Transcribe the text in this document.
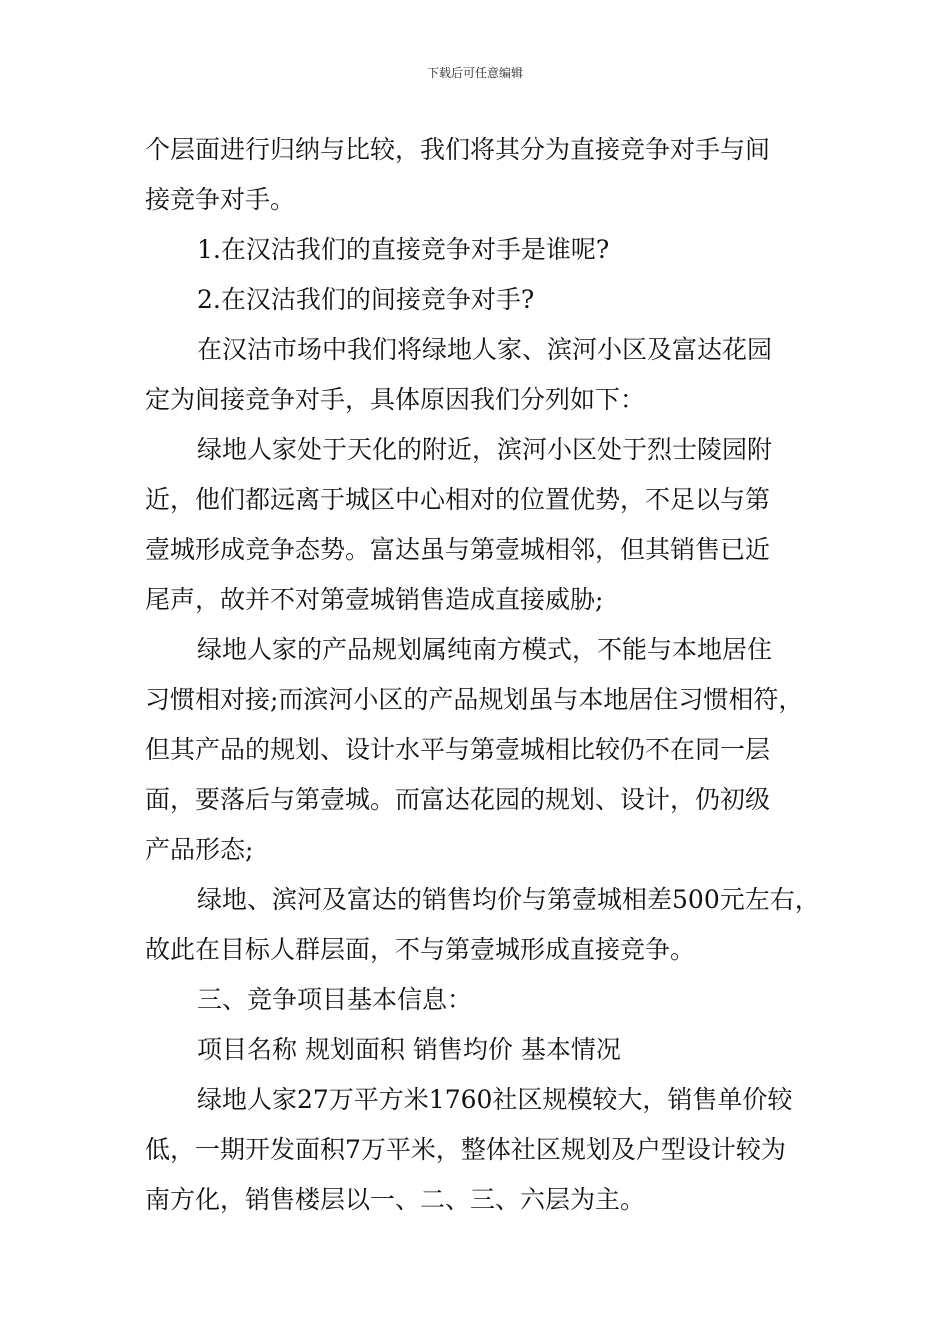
下载后可任意编辑

个层面进行归纳与比较，我们将其分为直接竞争对手与间

接竞争对手。

1.在汉沽我们的直接竞争对手是谁呢?

2.在汉沽我们的间接竞争对手?

在汉沽市场中我们将绿地人家、滨河小区及富达花园

定为间接竞争对手，具体原因我们分列如下：

绿地人家处于天化的附近，滨河小区处于烈士陵园附

近，他们都远离于城区中心相对的位置优势，不足以与第

壹城形成竞争态势。富达虽与第壹城相邻，但其销售已近

尾声，故并不对第壹城销售造成直接威胁;

绿地人家的产品规划属纯南方模式，不能与本地居住

习惯相对接;而滨河小区的产品规划虽与本地居住习惯相符，

但其产品的规划、设计水平与第壹城相比较仍不在同一层

面，要落后与第壹城。而富达花园的规划、设计，仍初级

产品形态;

绿地、滨河及富达的销售均价与第壹城相差500元左右，

故此在目标人群层面，不与第壹城形成直接竞争。

三、竞争项目基本信息：

项目名称 规划面积 销售均价 基本情况

绿地人家27万平方米1760社区规模较大，销售单价较

低，一期开发面积7万平米，整体社区规划及户型设计较为

南方化，销售楼层以一、二、三、六层为主。
